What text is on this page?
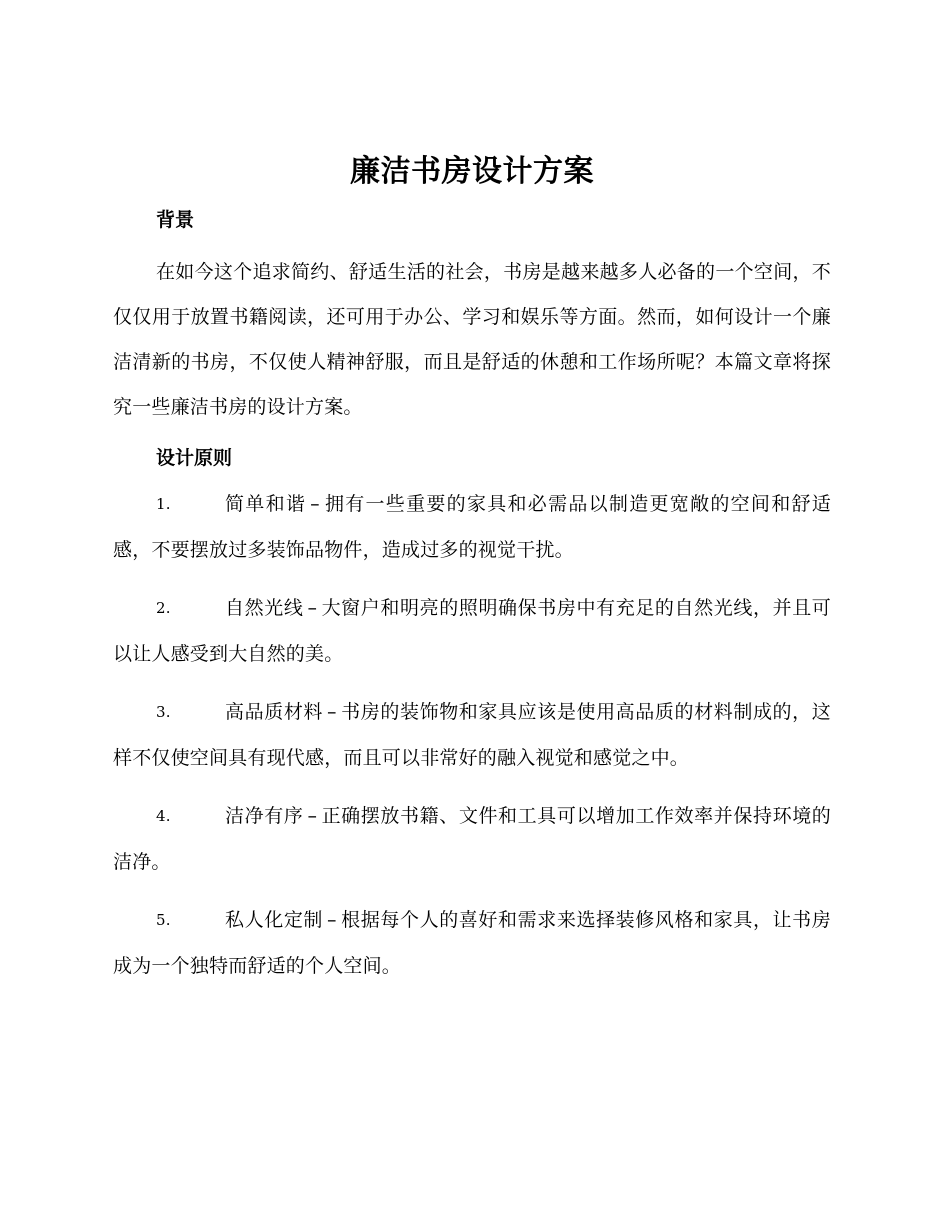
廉洁书房设计方案
背景

在如今这个追求简约、舒适生活的社会，书房是越来越多人必备的一个空间，不仅仅用于放置书籍阅读，还可用于办公、学习和娱乐等方面。然而，如何设计一个廉洁清新的书房，不仅使人精神舒服，而且是舒适的休憩和工作场所呢？本篇文章将探究一些廉洁书房的设计方案。

设计原则
1.	简单和谐 – 拥有一些重要的家具和必需品以制造更宽敞的空间和舒适感，不要摆放过多装饰品物件，造成过多的视觉干扰。
2.	自然光线 – 大窗户和明亮的照明确保书房中有充足的自然光线，并且可以让人感受到大自然的美。
3.	高品质材料 – 书房的装饰物和家具应该是使用高品质的材料制成的，这样不仅使空间具有现代感，而且可以非常好的融入视觉和感觉之中。
4.	洁净有序 – 正确摆放书籍、文件和工具可以增加工作效率并保持环境的洁净。
5.	私人化定制 – 根据每个人的喜好和需求来选择装修风格和家具，让书房成为一个独特而舒适的个人空间。
